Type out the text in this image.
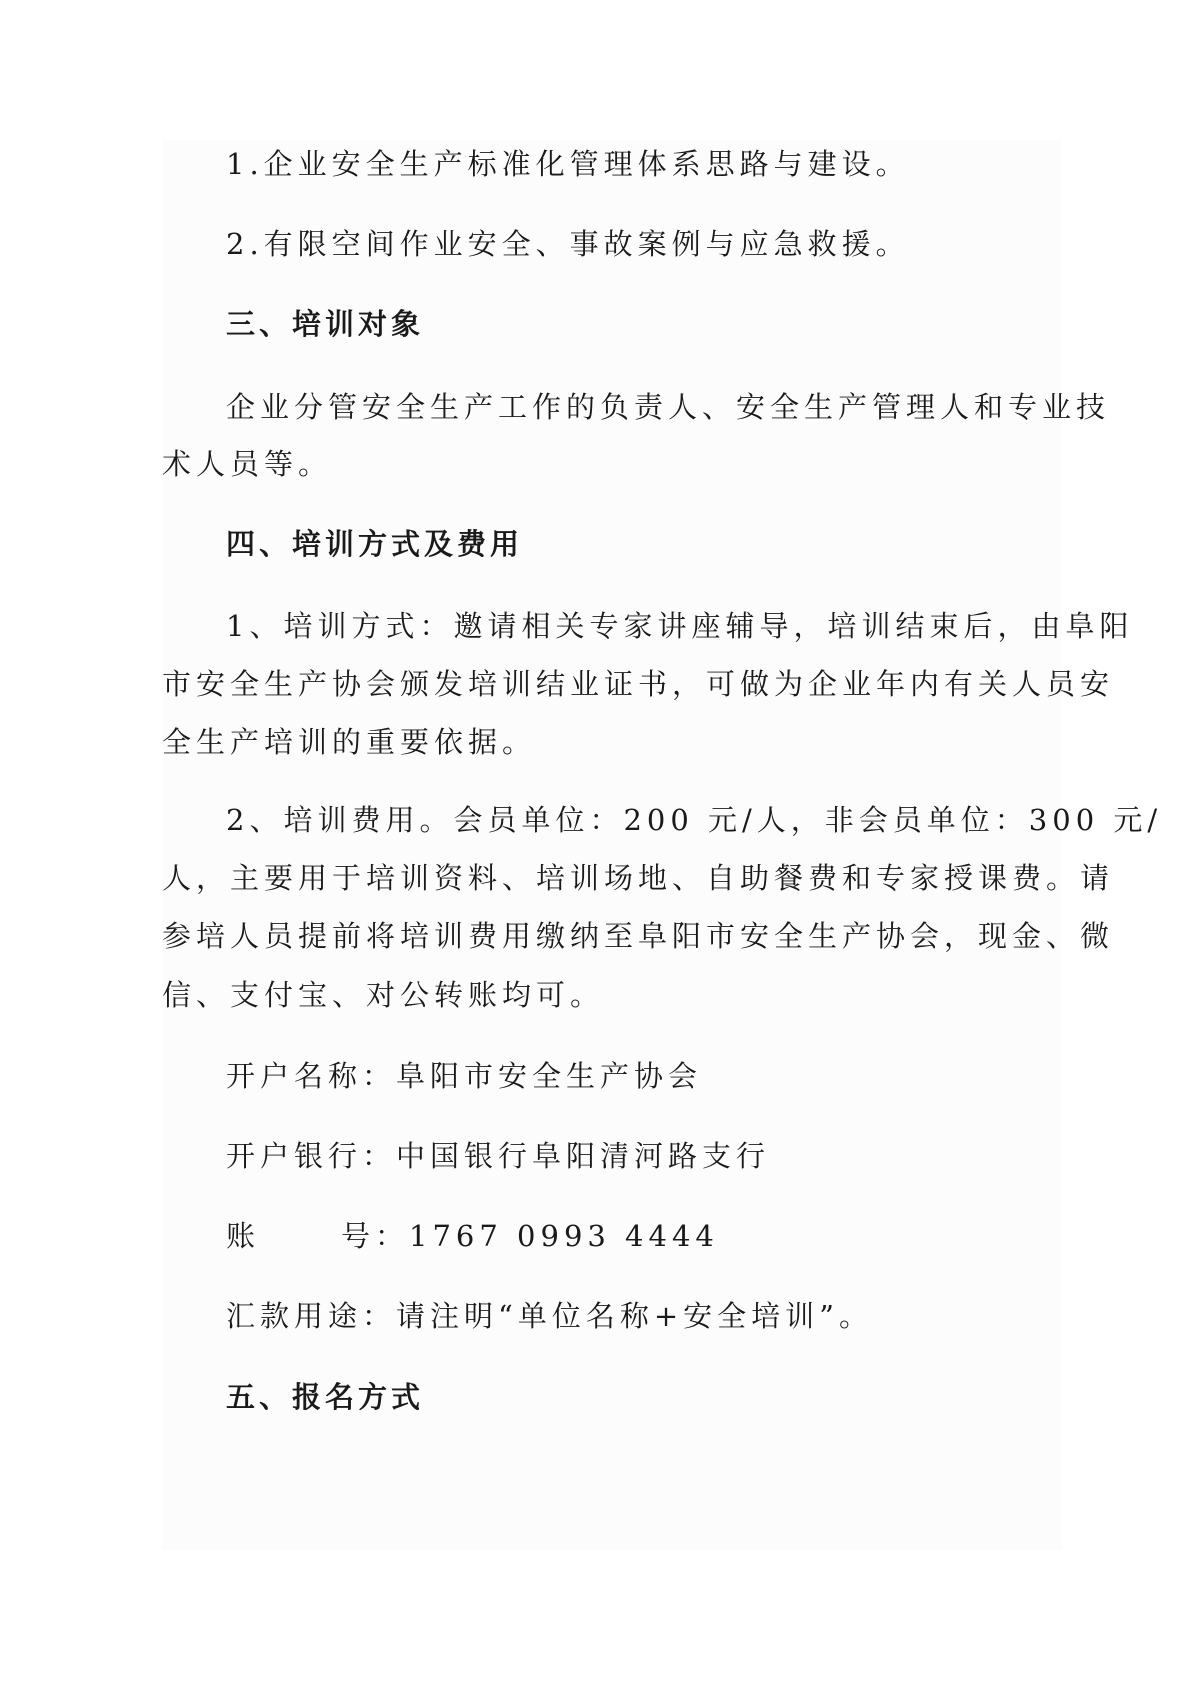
1.企业安全生产标准化管理体系思路与建设。
2.有限空间作业安全、事故案例与应急救援。
三、培训对象
企业分管安全生产工作的负责人、安全生产管理人和专业技
术人员等。
四、培训方式及费用
1、培训方式：邀请相关专家讲座辅导，培训结束后，由阜阳
市安全生产协会颁发培训结业证书，可做为企业年内有关人员安
全生产培训的重要依据。
2、培训费用。会员单位：200 元/人，非会员单位：300 元/
人，主要用于培训资料、培训场地、自助餐费和专家授课费。请
参培人员提前将培训费用缴纳至阜阳市安全生产协会，现金、微
信、支付宝、对公转账均可。
开户名称：阜阳市安全生产协会
开户银行：中国银行阜阳清河路支行
账	号：1767 0993 4444
汇款用途：请注明“单位名称+安全培训”。
五、报名方式
